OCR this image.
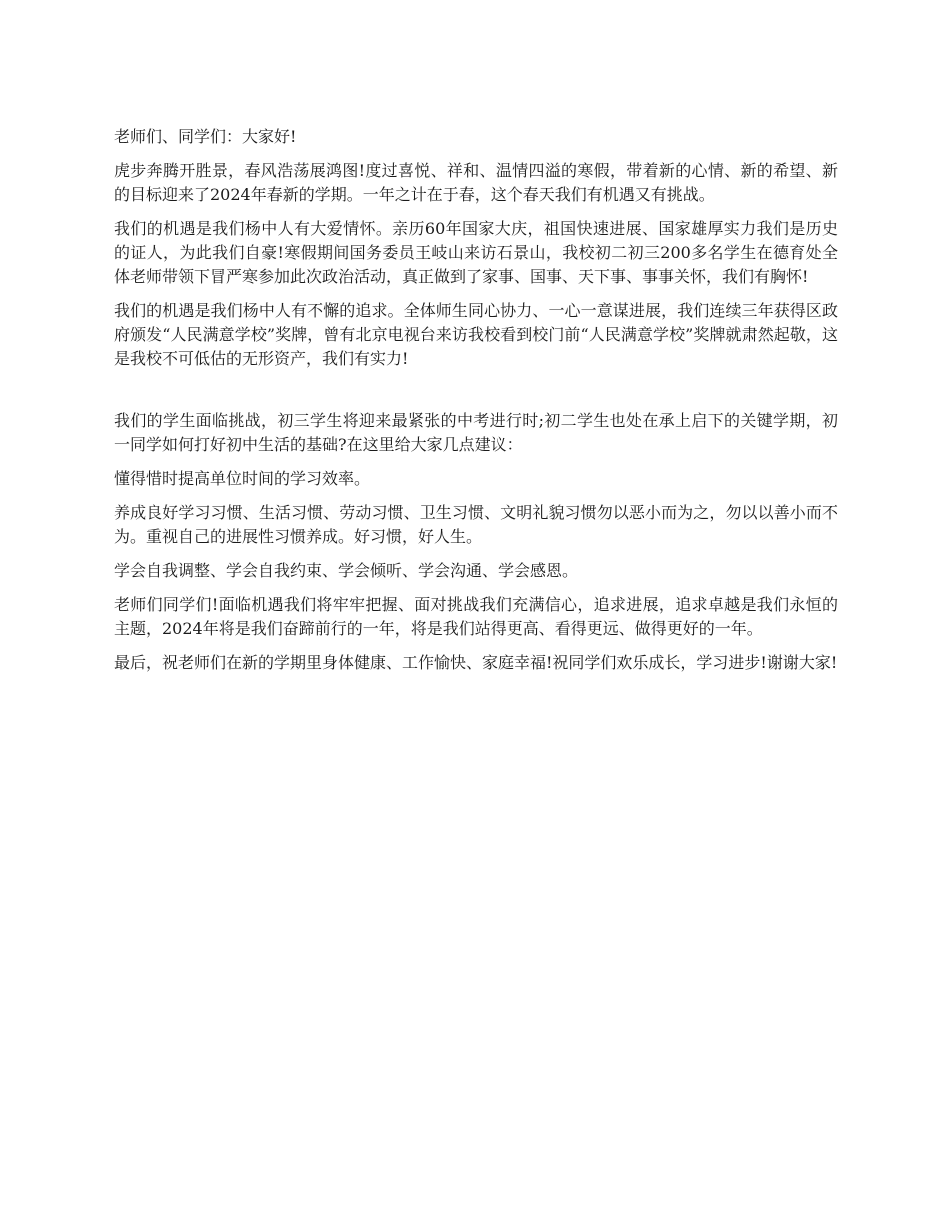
老师们、同学们：大家好!

虎步奔腾开胜景，春风浩荡展鸿图!度过喜悦、祥和、温情四溢的寒假，带着新的心情、新的希望、新的目标迎来了2024年春新的学期。一年之计在于春，这个春天我们有机遇又有挑战。

我们的机遇是我们杨中人有大爱情怀。亲历60年国家大庆，祖国快速进展、国家雄厚实力我们是历史的证人，为此我们自豪!寒假期间国务委员王岐山来访石景山，我校初二初三200多名学生在德育处全体老师带领下冒严寒参加此次政治活动，真正做到了家事、国事、天下事、事事关怀，我们有胸怀!

我们的机遇是我们杨中人有不懈的追求。全体师生同心协力、一心一意谋进展，我们连续三年获得区政府颁发“人民满意学校”奖牌，曾有北京电视台来访我校看到校门前“人民满意学校”奖牌就肃然起敬，这是我校不可低估的无形资产，我们有实力!

我们的学生面临挑战，初三学生将迎来最紧张的中考进行时;初二学生也处在承上启下的关键学期，初一同学如何打好初中生活的基础?在这里给大家几点建议：

懂得惜时提高单位时间的学习效率。

养成良好学习习惯、生活习惯、劳动习惯、卫生习惯、文明礼貌习惯勿以恶小而为之，勿以以善小而不为。重视自己的进展性习惯养成。好习惯，好人生。

学会自我调整、学会自我约束、学会倾听、学会沟通、学会感恩。

老师们同学们!面临机遇我们将牢牢把握、面对挑战我们充满信心，追求进展，追求卓越是我们永恒的主题，2024年将是我们奋蹄前行的一年，将是我们站得更高、看得更远、做得更好的一年。

最后，祝老师们在新的学期里身体健康、工作愉快、家庭幸福!祝同学们欢乐成长，学习进步!谢谢大家!
